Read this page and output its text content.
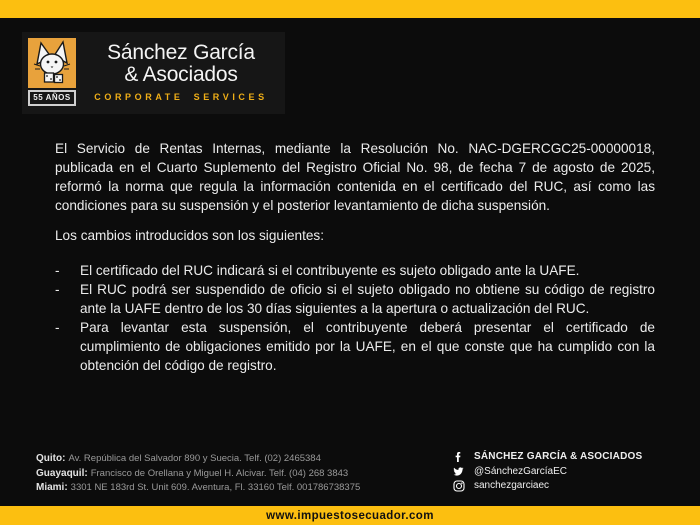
55 AÑOS
Sánchez García
& Asociados
CORPORATE SERVICES

El Servicio de Rentas Internas, mediante la Resolución No. NAC-DGERCGC25-00000018, publicada en el Cuarto Suplemento del Registro Oficial No. 98, de fecha 7 de agosto de 2025, reformó la norma que regula la información contenida en el certificado del RUC, así como las condiciones para su suspensión y el posterior levantamiento de dicha suspensión.

Los cambios introducidos son los siguientes:

-	El certificado del RUC indicará si el contribuyente es sujeto obligado ante la UAFE.
-	El RUC podrá ser suspendido de oficio si el sujeto obligado no obtiene su código de registro ante la UAFE dentro de los 30 días siguientes a la apertura o actualización del RUC.
-	Para levantar esta suspensión, el contribuyente deberá presentar el certificado de cumplimiento de obligaciones emitido por la UAFE, en el que conste que ha cumplido con la obtención del código de registro.
Quito: Av. República del Salvador 890 y Suecia. Telf. (02) 2465384
Guayaquil: Francisco de Orellana y Miguel H. Alcivar. Telf. (04) 268 3843
Miami: 3301 NE 183rd St. Unit 609. Aventura, Fl. 33160 Telf. 001786738375
SÁNCHEZ GARCÍA & ASOCIADOS
@SánchezGarcíaEC
sanchezgarciaec
www.impuestosecuador.com
